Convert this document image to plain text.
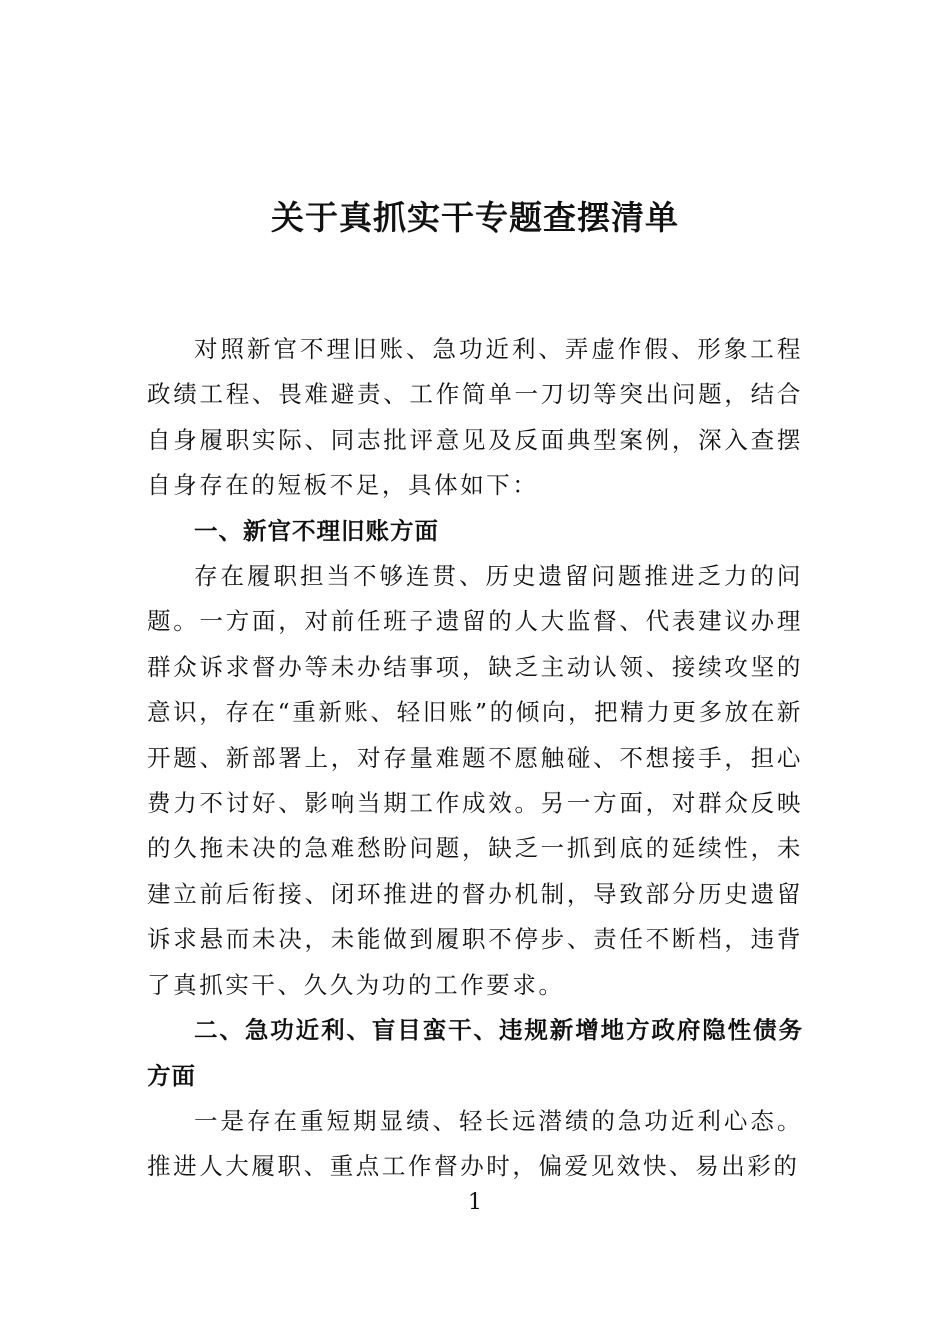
关于真抓实干专题查摆清单

对照新官不理旧账、急功近利、弄虚作假、形象工程政绩工程、畏难避责、工作简单一刀切等突出问题，结合自身履职实际、同志批评意见及反面典型案例，深入查摆自身存在的短板不足，具体如下：

一、新官不理旧账方面

存在履职担当不够连贯、历史遗留问题推进乏力的问题。一方面，对前任班子遗留的人大监督、代表建议办理群众诉求督办等未办结事项，缺乏主动认领、接续攻坚的意识，存在“重新账、轻旧账”的倾向，把精力更多放在新开题、新部署上，对存量难题不愿触碰、不想接手，担心费力不讨好、影响当期工作成效。另一方面，对群众反映的久拖未决的急难愁盼问题，缺乏一抓到底的延续性，未建立前后衔接、闭环推进的督办机制，导致部分历史遗留诉求悬而未决，未能做到履职不停步、责任不断档，违背了真抓实干、久久为功的工作要求。

二、急功近利、盲目蛮干、违规新增地方政府隐性债务方面

一是存在重短期显绩、轻长远潜绩的急功近利心态。推进人大履职、重点工作督办时，偏爱见效快、易出彩的

1
